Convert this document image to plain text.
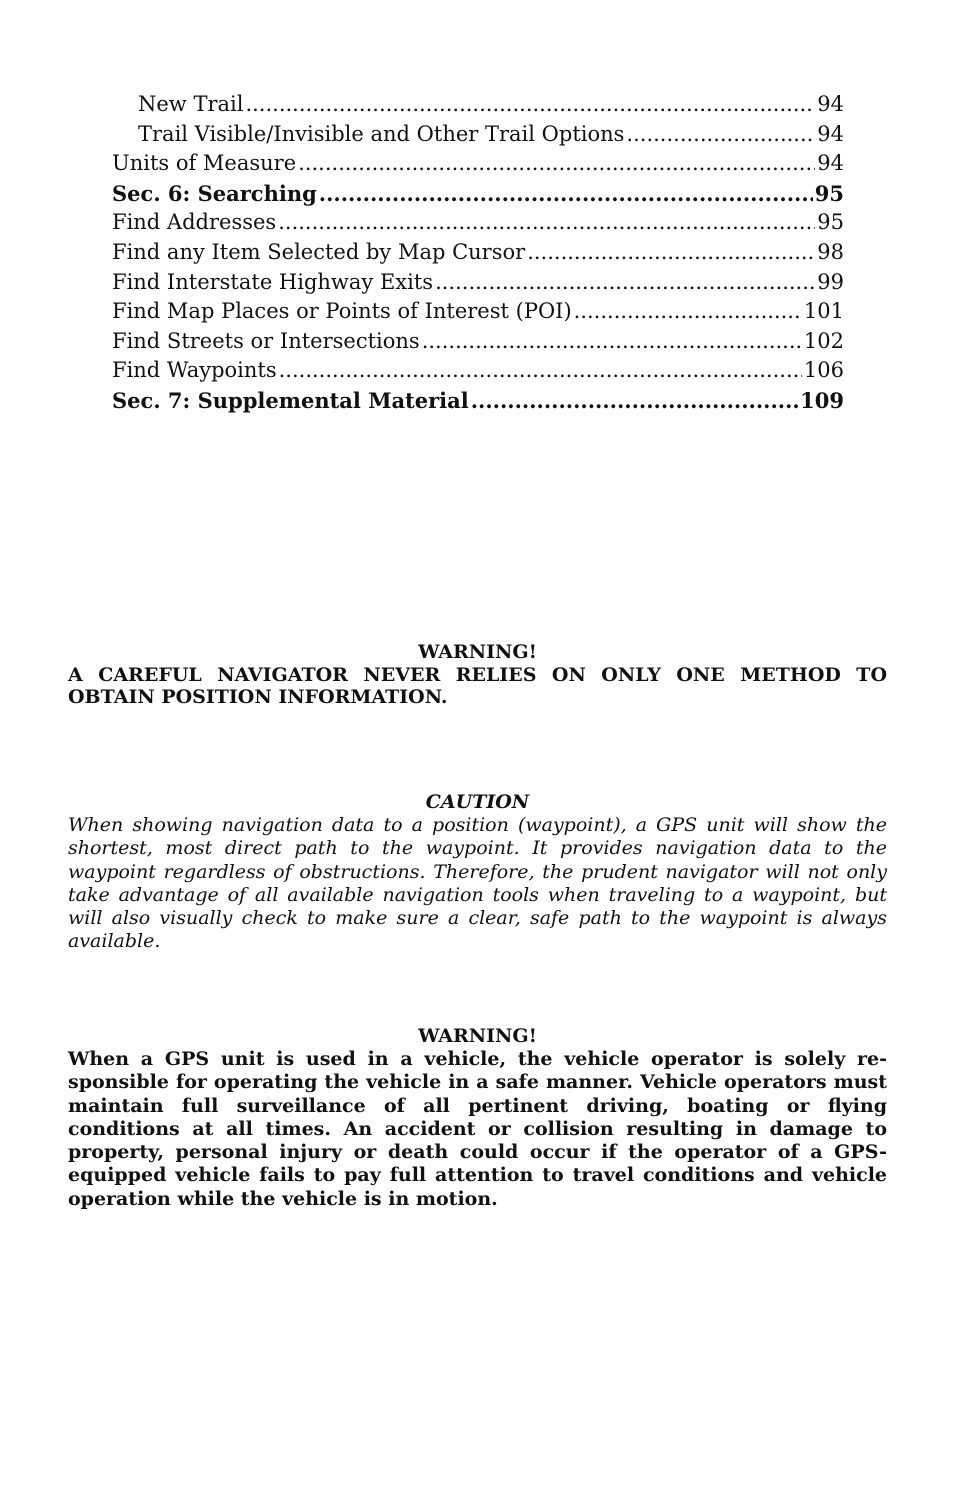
New Trail .....	94
Trail Visible/Invisible and Other Trail Options .....	94
Units of Measure .....	94
Sec. 6: Searching .....	95
Find Addresses .....	95
Find any Item Selected by Map Cursor .....	98
Find Interstate Highway Exits .....	99
Find Map Places or Points of Interest (POI) .....	101
Find Streets or Intersections .....	102
Find Waypoints .....	106
Sec. 7: Supplemental Material .....	109
WARNING!
A CAREFUL NAVIGATOR NEVER RELIES ON ONLY ONE METHOD TO OBTAIN POSITION INFORMATION.
CAUTION
When showing navigation data to a position (waypoint), a GPS unit will show the shortest, most direct path to the waypoint. It provides navigation data to the waypoint regardless of obstructions. Therefore, the prudent navigator will not only take advantage of all available navigation tools when traveling to a waypoint, but will also visually check to make sure a clear, safe path to the waypoint is always available.
WARNING!
When a GPS unit is used in a vehicle, the vehicle operator is solely responsible for operating the vehicle in a safe manner. Vehicle operators must maintain full surveillance of all pertinent driving, boating or flying conditions at all times. An accident or collision resulting in damage to property, personal injury or death could occur if the operator of a GPS-equipped vehicle fails to pay full attention to travel conditions and vehicle operation while the vehicle is in motion.
